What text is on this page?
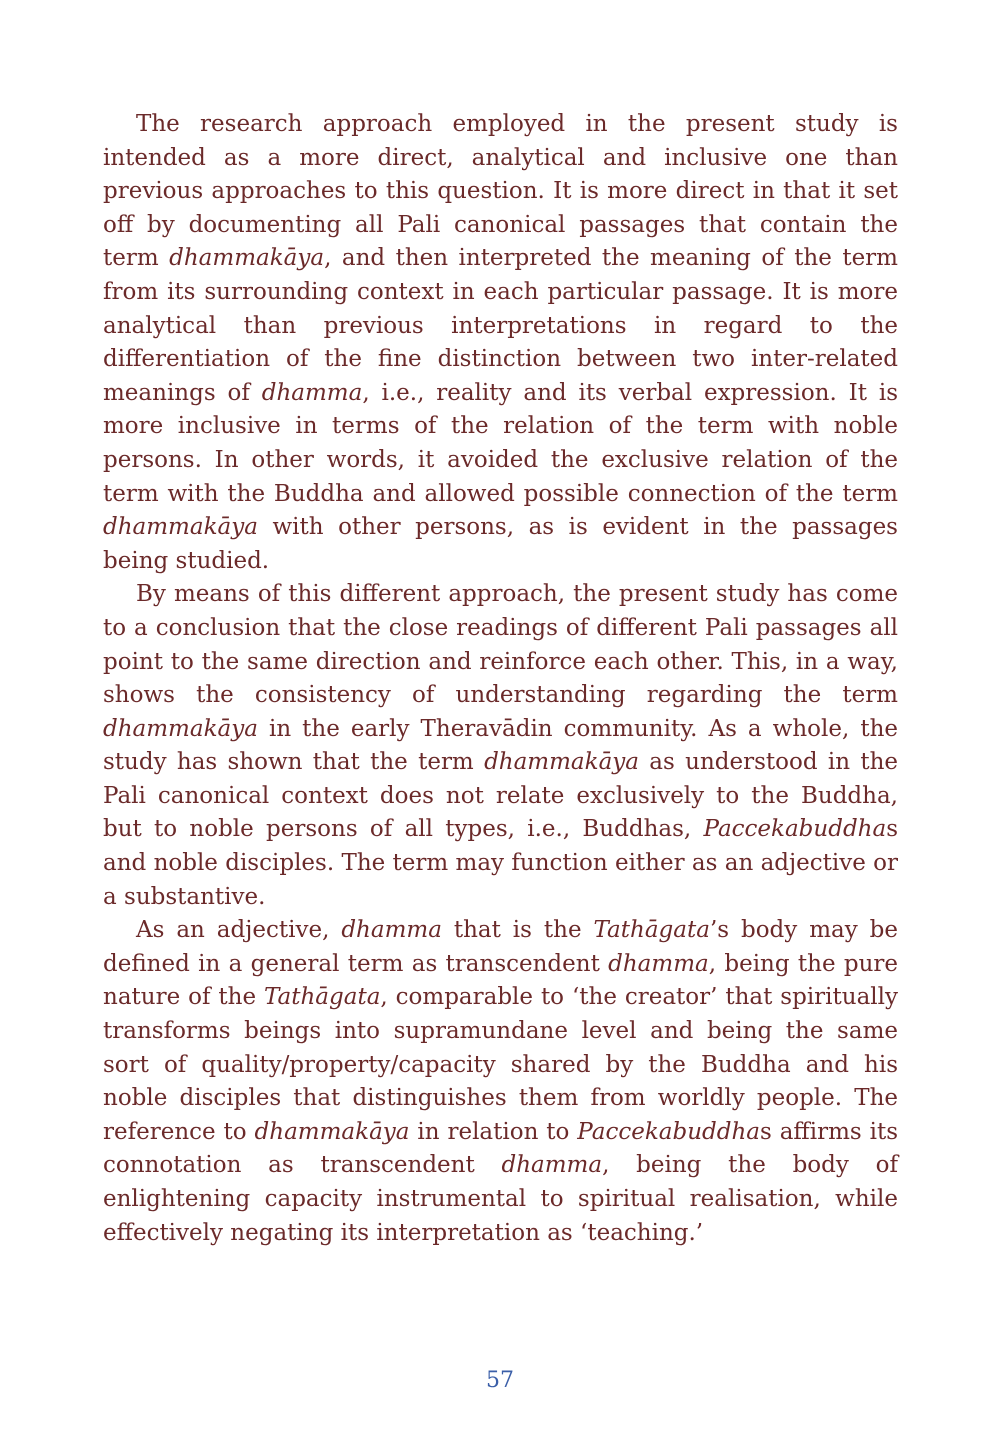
The research approach employed in the present study is intended as a more direct, analytical and inclusive one than previous approaches to this question. It is more direct in that it set off by documenting all Pali canonical passages that contain the term dhammakāya, and then interpreted the meaning of the term from its surrounding context in each particular passage. It is more analytical than previous interpretations in regard to the differentiation of the fine distinction between two inter-related meanings of dhamma, i.e., reality and its verbal expression. It is more inclusive in terms of the relation of the term with noble persons. In other words, it avoided the exclusive relation of the term with the Buddha and allowed possible connection of the term dhammakāya with other persons, as is evident in the passages being studied.

By means of this different approach, the present study has come to a conclusion that the close readings of different Pali passages all point to the same direction and reinforce each other. This, in a way, shows the consistency of understanding regarding the term dhammakāya in the early Theravādin community. As a whole, the study has shown that the term dhammakāya as understood in the Pali canonical context does not relate exclusively to the Buddha, but to noble persons of all types, i.e., Buddhas, Paccekabuddhas and noble disciples. The term may function either as an adjective or a substantive.

As an adjective, dhamma that is the Tathāgata’s body may be defined in a general term as transcendent dhamma, being the pure nature of the Tathāgata, comparable to ‘the creator’ that spiritually transforms beings into supramundane level and being the same sort of quality/property/capacity shared by the Buddha and his noble disciples that distinguishes them from worldly people. The reference to dhammakāya in relation to Paccekabuddhas affirms its connotation as transcendent dhamma, being the body of enlightening capacity instrumental to spiritual realisation, while effectively negating its interpretation as ‘teaching.’

57
